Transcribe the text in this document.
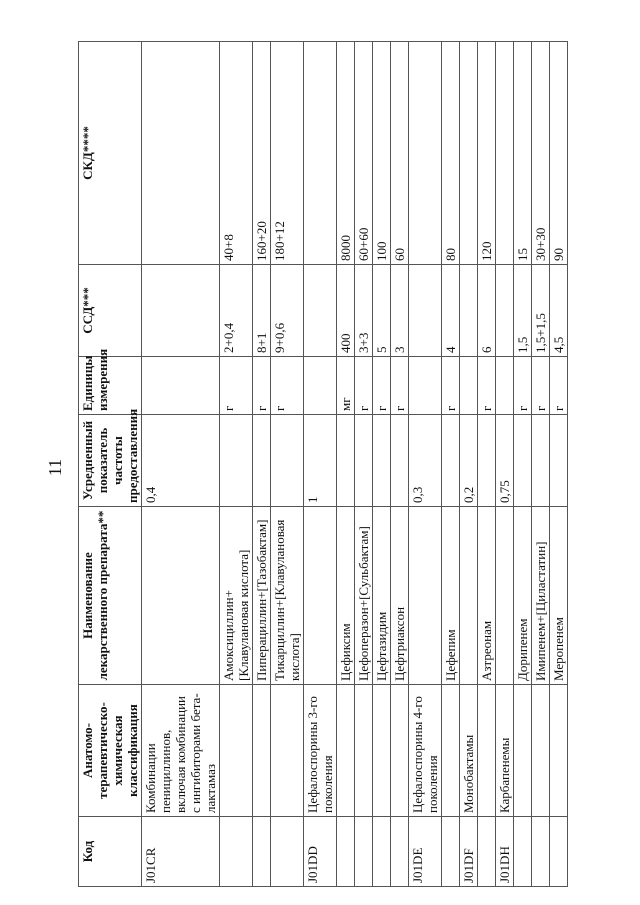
11
Код	Анатомо-терапевтическо-химическая классификация	Наименование лекарственного препарата**	Усредненный показатель частоты предоставления	Единицы измерения	ССД***	СКД****
J01CR	Комбинации пенициллинов, включая комбинации с ингибиторами бета-лактамаз		0,4			
		Амоксициллин+[Клавулановая кислота]		г	2+0,4	40+8
		Пиперациллин+[Тазобактам]		г	8+1	160+20
		Тикарциллин+[Клавулановая кислота]		г	9+0,6	180+12
J01DD	Цефалоспорины 3-го поколения		1			
		Цефиксим		мг	400	8000
		Цефоперазон+[Сульбактам]		г	3+3	60+60
		Цефтазидим		г	5	100
		Цефтриаксон		г	3	60
J01DE	Цефалоспорины 4-го поколения		0,3			
		Цефепим		г	4	80
J01DF	Монобактамы		0,2			
		Азтреонам		г	6	120
J01DH	Карбапенемы		0,75			
		Дорипенем		г	1,5	15
		Имипенем+[Циластатин]		г	1,5+1,5	30+30
		Меропенем		г	4,5	90
